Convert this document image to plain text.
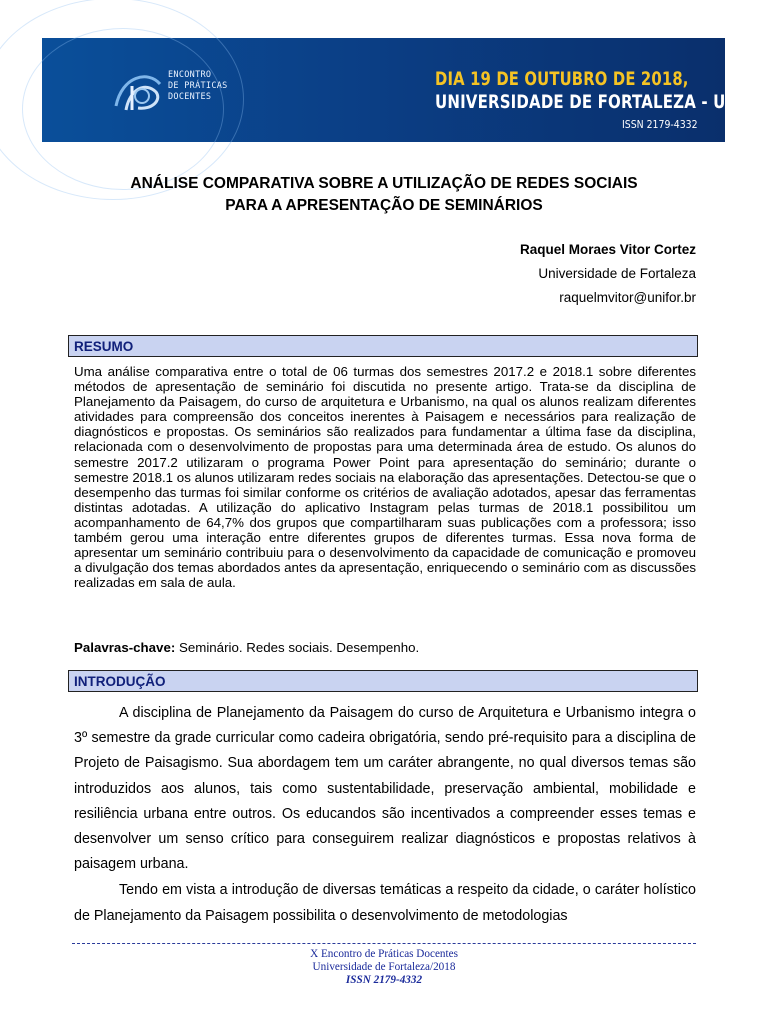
ENCONTRO
DE PRÁTICAS
DOCENTES
DIA 19 DE OUTUBRO DE 2018,
UNIVERSIDADE DE FORTALEZA - UNIFOR
ISSN 2179-4332
ANÁLISE COMPARATIVA SOBRE A UTILIZAÇÃO DE REDES SOCIAIS
PARA A APRESENTAÇÃO DE SEMINÁRIOS
Raquel Moraes Vitor Cortez
Universidade de Fortaleza
raquelmvitor@unifor.br
RESUMO

Uma análise comparativa entre o total de 06 turmas dos semestres 2017.2 e 2018.1 sobre diferentes métodos de apresentação de seminário foi discutida no presente artigo. Trata-se da disciplina de Planejamento da Paisagem, do curso de arquitetura e Urbanismo, na qual os alunos realizam diferentes atividades para compreensão dos conceitos inerentes à Paisagem e necessários para realização de diagnósticos e propostas. Os seminários são realizados para fundamentar a última fase da disciplina, relacionada com o desenvolvimento de propostas para uma determinada área de estudo. Os alunos do semestre 2017.2 utilizaram o programa Power Point para apresentação do seminário; durante o semestre 2018.1 os alunos utilizaram redes sociais na elaboração das apresentações. Detectou-se que o desempenho das turmas foi similar conforme os critérios de avaliação adotados, apesar das ferramentas distintas adotadas. A utilização do aplicativo Instagram pelas turmas de 2018.1 possibilitou um acompanhamento de 64,7% dos grupos que compartilharam suas publicações com a professora; isso também gerou uma interação entre diferentes grupos de diferentes turmas. Essa nova forma de apresentar um seminário contribuiu para o desenvolvimento da capacidade de comunicação e promoveu a divulgação dos temas abordados antes da apresentação, enriquecendo o seminário com as discussões realizadas em sala de aula.

Palavras-chave: Seminário. Redes sociais. Desempenho.
INTRODUÇÃO

A disciplina de Planejamento da Paisagem do curso de Arquitetura e Urbanismo integra o 3º semestre da grade curricular como cadeira obrigatória, sendo pré-requisito para a disciplina de Projeto de Paisagismo. Sua abordagem tem um caráter abrangente, no qual diversos temas são introduzidos aos alunos, tais como sustentabilidade, preservação ambiental, mobilidade e resiliência urbana entre outros. Os educandos são incentivados a compreender esses temas e desenvolver um senso crítico para conseguirem realizar diagnósticos e propostas relativos à paisagem urbana.

Tendo em vista a introdução de diversas temáticas a respeito da cidade, o caráter holístico de Planejamento da Paisagem possibilita o desenvolvimento de metodologias

X Encontro de Práticas Docentes
Universidade de Fortaleza/2018
ISSN 2179-4332
